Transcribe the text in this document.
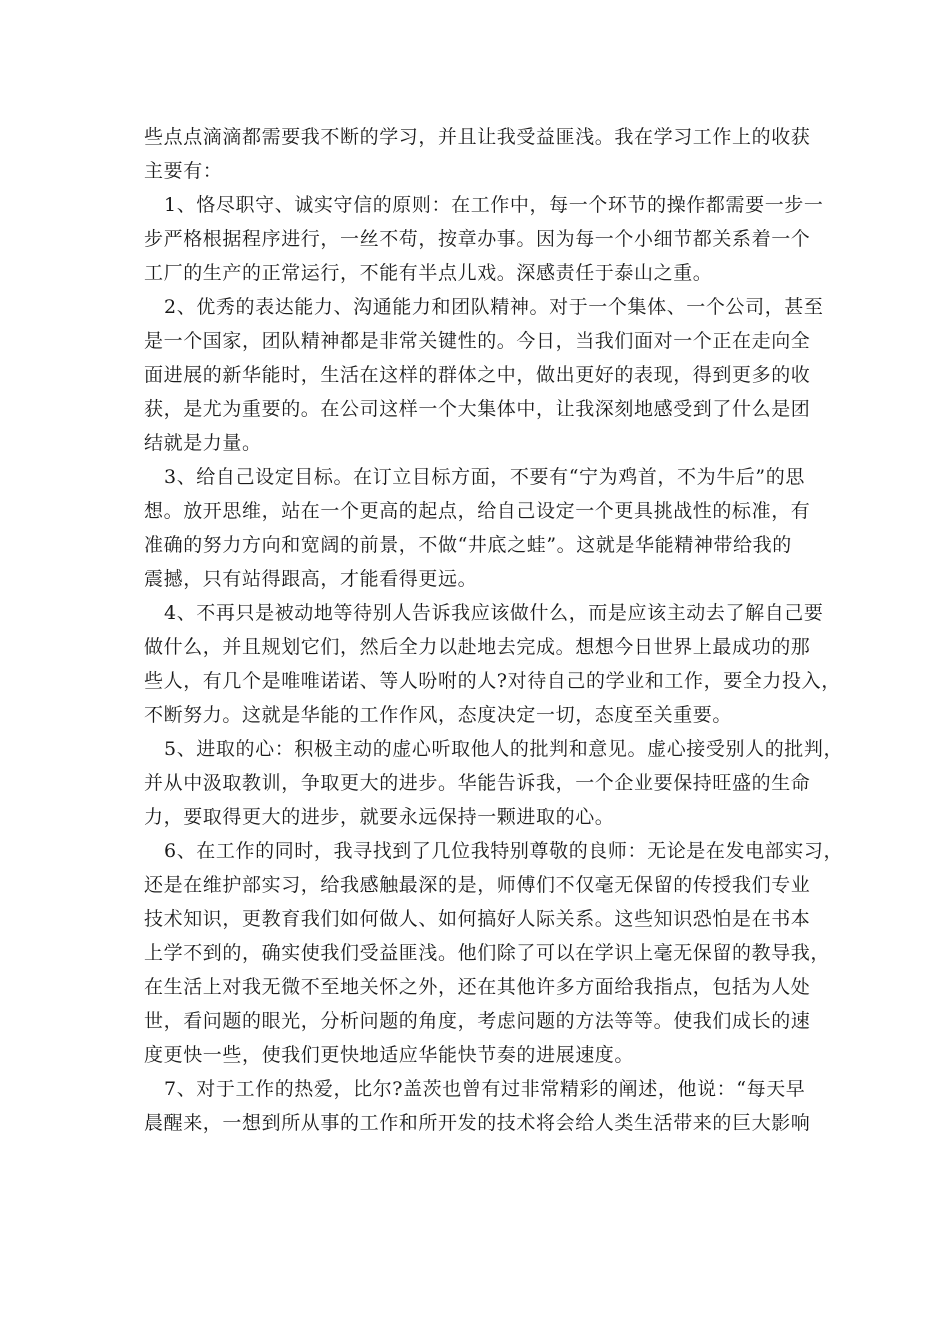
些点点滴滴都需要我不断的学习，并且让我受益匪浅。我在学习工作上的收获
主要有：
1、恪尽职守、诚实守信的原则：在工作中，每一个环节的操作都需要一步一
步严格根据程序进行，一丝不苟，按章办事。因为每一个小细节都关系着一个
工厂的生产的正常运行，不能有半点儿戏。深感责任于泰山之重。
2、优秀的表达能力、沟通能力和团队精神。对于一个集体、一个公司，甚至
是一个国家，团队精神都是非常关键性的。今日，当我们面对一个正在走向全
面进展的新华能时，生活在这样的群体之中，做出更好的表现，得到更多的收
获，是尤为重要的。在公司这样一个大集体中，让我深刻地感受到了什么是团
结就是力量。
3、给自己设定目标。在订立目标方面，不要有“宁为鸡首，不为牛后”的思
想。放开思维，站在一个更高的起点，给自己设定一个更具挑战性的标准，有
准确的努力方向和宽阔的前景，不做“井底之蛙”。这就是华能精神带给我的
震撼，只有站得跟高，才能看得更远。
4、不再只是被动地等待别人告诉我应该做什么，而是应该主动去了解自己要
做什么，并且规划它们，然后全力以赴地去完成。想想今日世界上最成功的那
些人，有几个是唯唯诺诺、等人吩咐的人?对待自己的学业和工作，要全力投入，
不断努力。这就是华能的工作作风，态度决定一切，态度至关重要。
5、进取的心：积极主动的虚心听取他人的批判和意见。虚心接受别人的批判，
并从中汲取教训，争取更大的进步。华能告诉我，一个企业要保持旺盛的生命
力，要取得更大的进步，就要永远保持一颗进取的心。
6、在工作的同时，我寻找到了几位我特别尊敬的良师：无论是在发电部实习，
还是在维护部实习，给我感触最深的是，师傅们不仅毫无保留的传授我们专业
技术知识，更教育我们如何做人、如何搞好人际关系。这些知识恐怕是在书本
上学不到的，确实使我们受益匪浅。他们除了可以在学识上毫无保留的教导我，
在生活上对我无微不至地关怀之外，还在其他许多方面给我指点，包括为人处
世，看问题的眼光，分析问题的角度，考虑问题的方法等等。使我们成长的速
度更快一些，使我们更快地适应华能快节奏的进展速度。
7、对于工作的热爱，比尔?盖茨也曾有过非常精彩的阐述，他说：“每天早
晨醒来，一想到所从事的工作和所开发的技术将会给人类生活带来的巨大影响
